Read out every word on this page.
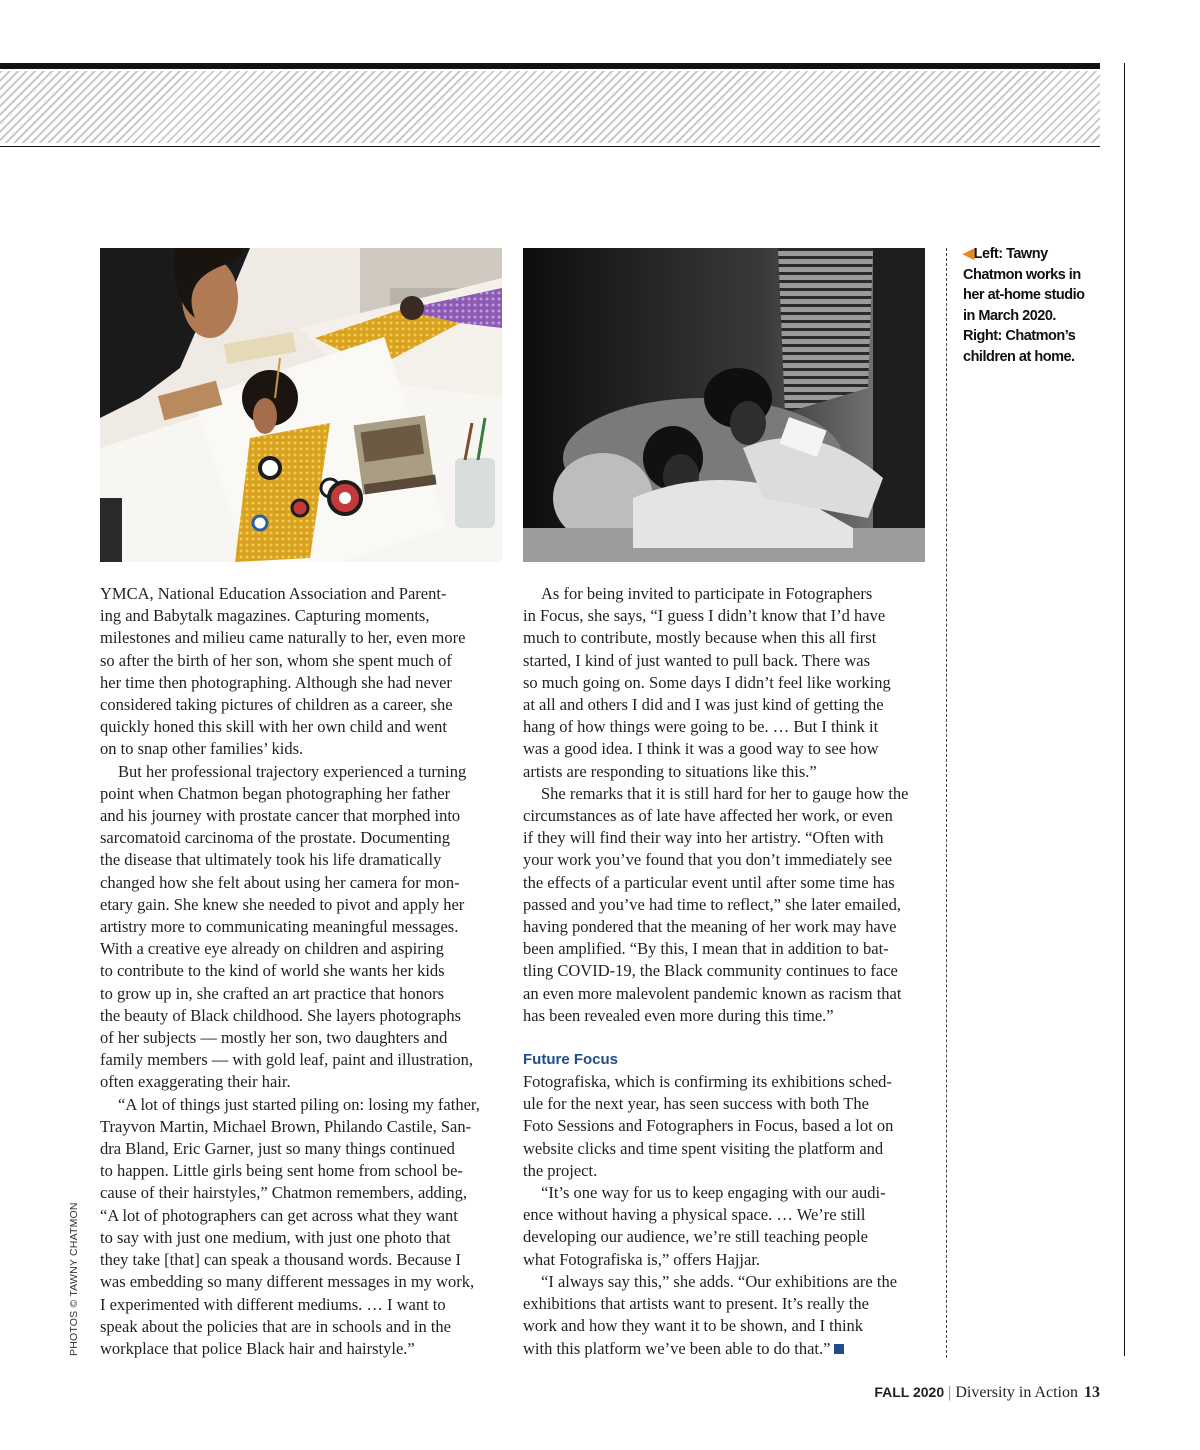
◀Left: Tawny
Chatmon works in
her at-home studio
in March 2020.
Right: Chatmon’s
children at home.

YMCA, National Education Association and Parent-
ing and Babytalk magazines. Capturing moments,
milestones and milieu came naturally to her, even more
so after the birth of her son, whom she spent much of
her time then photographing. Although she had never
considered taking pictures of children as a career, she
quickly honed this skill with her own child and went
on to snap other families’ kids.

But her professional trajectory experienced a turning
point when Chatmon began photographing her father
and his journey with prostate cancer that morphed into
sarcomatoid carcinoma of the prostate. Documenting
the disease that ultimately took his life dramatically
changed how she felt about using her camera for mon-
etary gain. She knew she needed to pivot and apply her
artistry more to communicating meaningful messages.
With a creative eye already on children and aspiring
to contribute to the kind of world she wants her kids
to grow up in, she crafted an art practice that honors
the beauty of Black childhood. She layers photographs
of her subjects — mostly her son, two daughters and
family members — with gold leaf, paint and illustration,
often exaggerating their hair.

“A lot of things just started piling on: losing my father,
Trayvon Martin, Michael Brown, Philando Castile, San-
dra Bland, Eric Garner, just so many things continued
to happen. Little girls being sent home from school be-
cause of their hairstyles,” Chatmon remembers, adding,
“A lot of photographers can get across what they want
to say with just one medium, with just one photo that
they take [that] can speak a thousand words. Because I
was embedding so many different messages in my work,
I experimented with different mediums. … I want to
speak about the policies that are in schools and in the
workplace that police Black hair and hairstyle.”

As for being invited to participate in Fotographers
in Focus, she says, “I guess I didn’t know that I’d have
much to contribute, mostly because when this all first
started, I kind of just wanted to pull back. There was
so much going on. Some days I didn’t feel like working
at all and others I did and I was just kind of getting the
hang of how things were going to be. … But I think it
was a good idea. I think it was a good way to see how
artists are responding to situations like this.”

She remarks that it is still hard for her to gauge how the
circumstances as of late have affected her work, or even
if they will find their way into her artistry. “Often with
your work you’ve found that you don’t immediately see
the effects of a particular event until after some time has
passed and you’ve had time to reflect,” she later emailed,
having pondered that the meaning of her work may have
been amplified. “By this, I mean that in addition to bat-
tling COVID-19, the Black community continues to face
an even more malevolent pandemic known as racism that
has been revealed even more during this time.”

Future Focus

Fotografiska, which is confirming its exhibitions sched-
ule for the next year, has seen success with both The
Foto Sessions and Fotographers in Focus, based a lot on
website clicks and time spent visiting the platform and
the project.

“It’s one way for us to keep engaging with our audi-
ence without having a physical space. … We’re still
developing our audience, we’re still teaching people
what Fotografiska is,” offers Hajjar.

“I always say this,” she adds. “Our exhibitions are the
exhibitions that artists want to present. It’s really the
work and how they want it to be shown, and I think
with this platform we’ve been able to do that.”

PHOTOS © TAWNY CHATMON
FALL 2020 | Diversity in Action 13
